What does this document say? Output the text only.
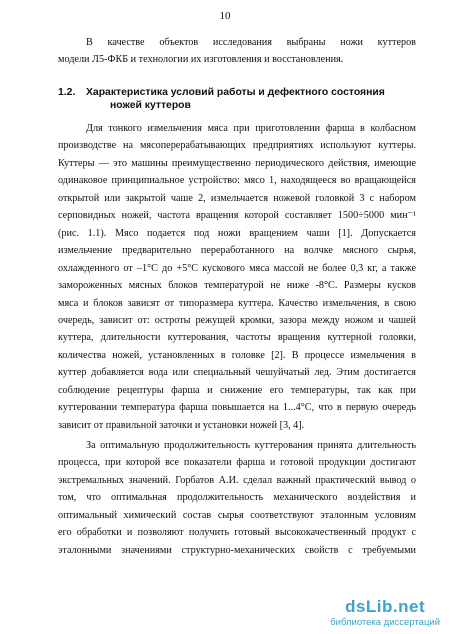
10
В качестве объектов исследования выбраны ножи куттеров
модели Л5-ФКБ и технологии их изготовления и восстановления.
1.2. Характеристика условий работы и дефектного состояния
ножей куттеров
Для тонкого измельчения мяса при приготовлении фарша в колбасном
производстве на мясоперерабатывающих предприятиях используют куттеры.
Куттеры — это машины преимущественно периодического действия, имеющие
одинаковое принципиальное устройство: мясо 1, находящееся во вращающейся
открытой или закрытой чаше 2, измельчается ножевой головкой 3 с набором
серповидных ножей, частота вращения которой составляет 1500÷5000 мин⁻¹
(рис. 1.1). Мясо подается под ножи вращением чаши [1]. Допускается
измельчение предварительно переработанного на волчке мясного сырья,
охлажденного от –1°С до +5°С кускового мяса массой не более 0,3 кг, а также
замороженных мясных блоков температурой не ниже -8°С. Размеры кусков
мяса и блоков зависят от типоразмера куттера. Качество измельчения, в свою
очередь, зависит от: остроты режущей кромки, зазора между ножом и чашей
куттера, длительности куттерования, частоты вращения куттерной головки,
количества ножей, установленных в головке [2]. В процессе измельчения в
куттер добавляется вода или специальный чешуйчатый лед. Этим достигается
соблюдение рецептуры фарша и снижение его температуры, так как при
куттеровании температура фарша повышается на 1...4°С, что в первую очередь
зависит от правильной заточки и установки ножей [3, 4].
За оптимальную продолжительность куттерования принята длительность
процесса, при которой все показатели фарша и готовой продукции достигают
экстремальных значений. Горбатов А.И. сделал важный практический вывод о
том, что оптимальная продолжительность механического воздействия и
оптимальный химический состав сырья соответствуют эталонным условиям
его обработки и позволяют получить готовый высококачественный продукт с
эталонными значениями структурно-механических свойств с требуемыми
dsLib.net
библиотека диссертаций
